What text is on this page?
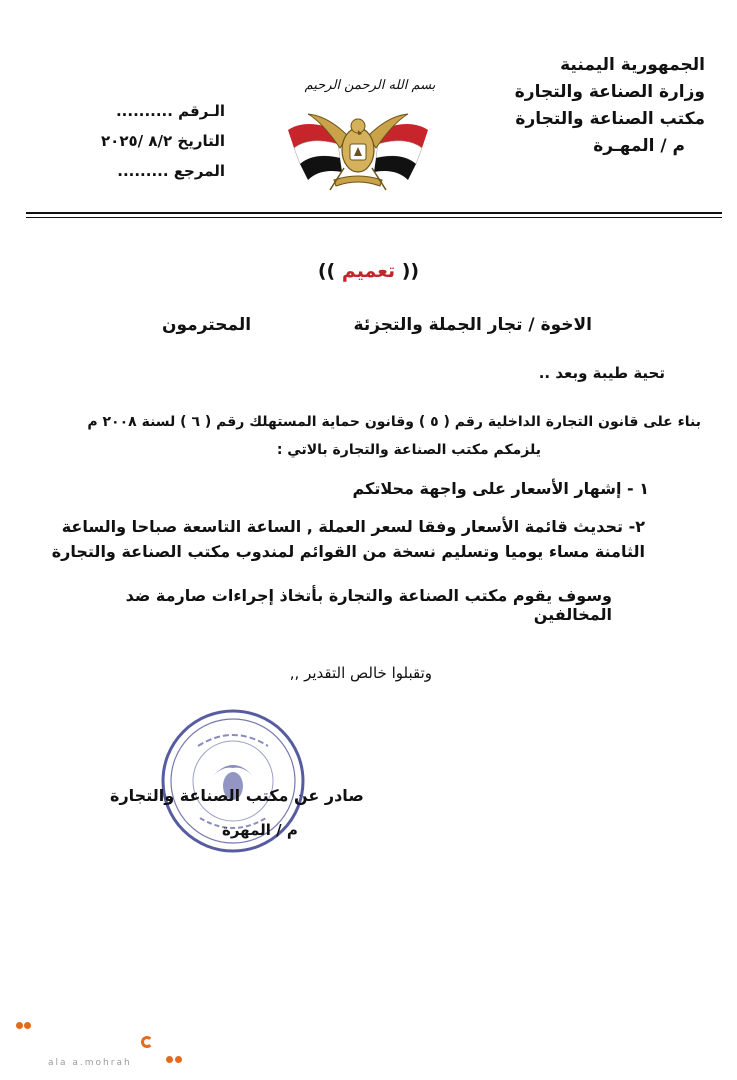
الجمهورية اليمنية
وزارة الصناعة والتجارة
مكتب الصناعة والتجارة
م / المهـرة
بسم الله الرحمن الرحيم
الـرقم ..........
التاريخ ٨/٢ /٢٠٢٥
المرجع .........
(( تعميم ))
الاخوة / تجار الجملة والتجزئة
المحترمون
تحية طيبة وبعد ..
بناء على قانون التجارة الداخلية رقم ( ٥ ) وقانون حماية المستهلك رقم ( ٦ ) لسنة ٢٠٠٨ م
يلزمكم مكتب الصناعة والتجارة بالاتي :
١ - إشهار الأسعار على واجهة محلاتكم
٢- تحديث قائمة الأسعار وفقا لسعر العملة , الساعة التاسعة صباحا والساعة
الثامنة مساء يوميا وتسليم نسخة من القوائم لمندوب مكتب الصناعة والتجارة
وسوف يقوم مكتب الصناعة والتجارة بأتخاذ إجراءات صارمة ضد المخالفين
وتقبلوا خالص التقدير ,,
صادر عن مكتب الصناعة والتجارة
م / المهرة
ala a.mohrah
